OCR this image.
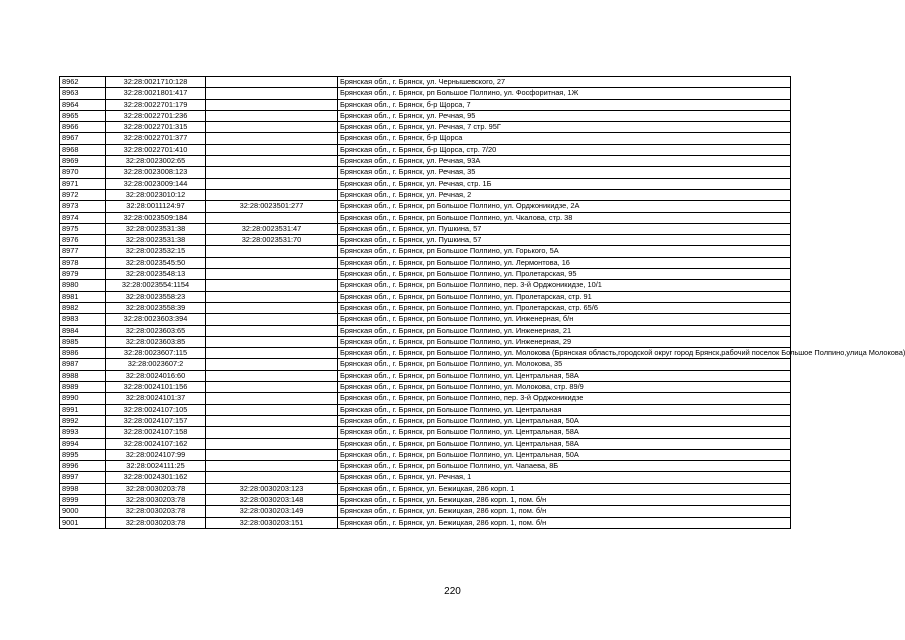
8962	32:28:0021710:128		Брянская обл., г. Брянск, ул. Чернышевского, 27
8963	32:28:0021801:417		Брянская обл., г. Брянск, рп Большое Полпино, ул. Фосфоритная, 1Ж
8964	32:28:0022701:179		Брянская обл., г. Брянск, б-р Щорса, 7
8965	32:28:0022701:236		Брянская обл., г. Брянск, ул. Речная, 95
8966	32:28:0022701:315		Брянская обл., г. Брянск, ул. Речная, 7 стр. 95Г
8967	32:28:0022701:377		Брянская обл., г. Брянск, б-р Щорса
8968	32:28:0022701:410		Брянская обл., г. Брянск, б-р Щорса, стр. 7/20
8969	32:28:0023002:65		Брянская обл., г. Брянск, ул. Речная, 93А
8970	32:28:0023008:123		Брянская обл., г. Брянск, ул. Речная, 35
8971	32:28:0023009:144		Брянская обл., г. Брянск, ул. Речная, стр. 1Б
8972	32:28:0023010:12		Брянская обл., г. Брянск, ул. Речная, 2
8973	32:28:0011124:97	32:28:0023501:277	Брянская обл., г. Брянск, рп Большое Полпино, ул. Орджоникидзе, 2А
8974	32:28:0023509:184		Брянская обл., г. Брянск, рп Большое Полпино, ул. Чкалова, стр. 38
8975	32:28:0023531:38	32:28:0023531:47	Брянская обл., г. Брянск, ул. Пушкина, 57
8976	32:28:0023531:38	32:28:0023531:70	Брянская обл., г. Брянск, ул. Пушкина, 57
8977	32:28:0023532:15		Брянская обл., г. Брянск, рп Большое Полпино, ул. Горького, 5А
8978	32:28:0023545:50		Брянская обл., г. Брянск, рп Большое Полпино, ул. Лермонтова, 16
8979	32:28:0023548:13		Брянская обл., г. Брянск, рп Большое Полпино, ул. Пролетарская, 95
8980	32:28:0023554:1154		Брянская обл., г. Брянск, рп Большое Полпино, пер. 3-й Орджоникидзе, 10/1
8981	32:28:0023558:23		Брянская обл., г. Брянск, рп Большое Полпино, ул. Пролетарская, стр. 91
8982	32:28:0023558:39		Брянская обл., г. Брянск, рп Большое Полпино, ул. Пролетарская, стр. 65/6
8983	32:28:0023603:394		Брянская обл., г. Брянск, рп Большое Полпино, ул. Инженерная, б/н
8984	32:28:0023603:65		Брянская обл., г. Брянск, рп Большое Полпино, ул. Инженерная, 21
8985	32:28:0023603:85		Брянская обл., г. Брянск, рп Большое Полпино, ул. Инженерная, 29
8986	32:28:0023607:115		Брянская обл., г. Брянск, рп Большое Полпино, ул. Молокова (Брянская область,городской округ город Брянск,рабочий поселок Большое Полпино,улица Молокова)
8987	32:28:0023607:2		Брянская обл., г. Брянск, рп Большое Полпино, ул. Молокова, 35
8988	32:28:0024016:60		Брянская обл., г. Брянск, рп Большое Полпино, ул. Центральная, 58А
8989	32:28:0024101:156		Брянская обл., г. Брянск, рп Большое Полпино, ул. Молокова, стр. 89/9
8990	32:28:0024101:37		Брянская обл., г. Брянск, рп Большое Полпино, пер. 3-й Орджоникидзе
8991	32:28:0024107:105		Брянская обл., г. Брянск, рп Большое Полпино, ул. Центральная
8992	32:28:0024107:157		Брянская обл., г. Брянск, рп Большое Полпино, ул. Центральная, 50А
8993	32:28:0024107:158		Брянская обл., г. Брянск, рп Большое Полпино, ул. Центральная, 58А
8994	32:28:0024107:162		Брянская обл., г. Брянск, рп Большое Полпино, ул. Центральная, 58А
8995	32:28:0024107:99		Брянская обл., г. Брянск, рп Большое Полпино, ул. Центральная, 50А
8996	32:28:0024111:25		Брянская обл., г. Брянск, рп Большое Полпино, ул. Чапаева, 8Б
8997	32:28:0024301:162		Брянская обл., г. Брянск, ул. Речная, 1
8998	32:28:0030203:78	32:28:0030203:123	Брянская обл., г. Брянск, ул. Бежицкая, 286 корп. 1
8999	32:28:0030203:78	32:28:0030203:148	Брянская обл., г. Брянск, ул. Бежицкая, 286 корп. 1, пом. б/н
9000	32:28:0030203:78	32:28:0030203:149	Брянская обл., г. Брянск, ул. Бежицкая, 286 корп. 1, пом. б/н
9001	32:28:0030203:78	32:28:0030203:151	Брянская обл., г. Брянск, ул. Бежицкая, 286 корп. 1, пом. б/н
220
